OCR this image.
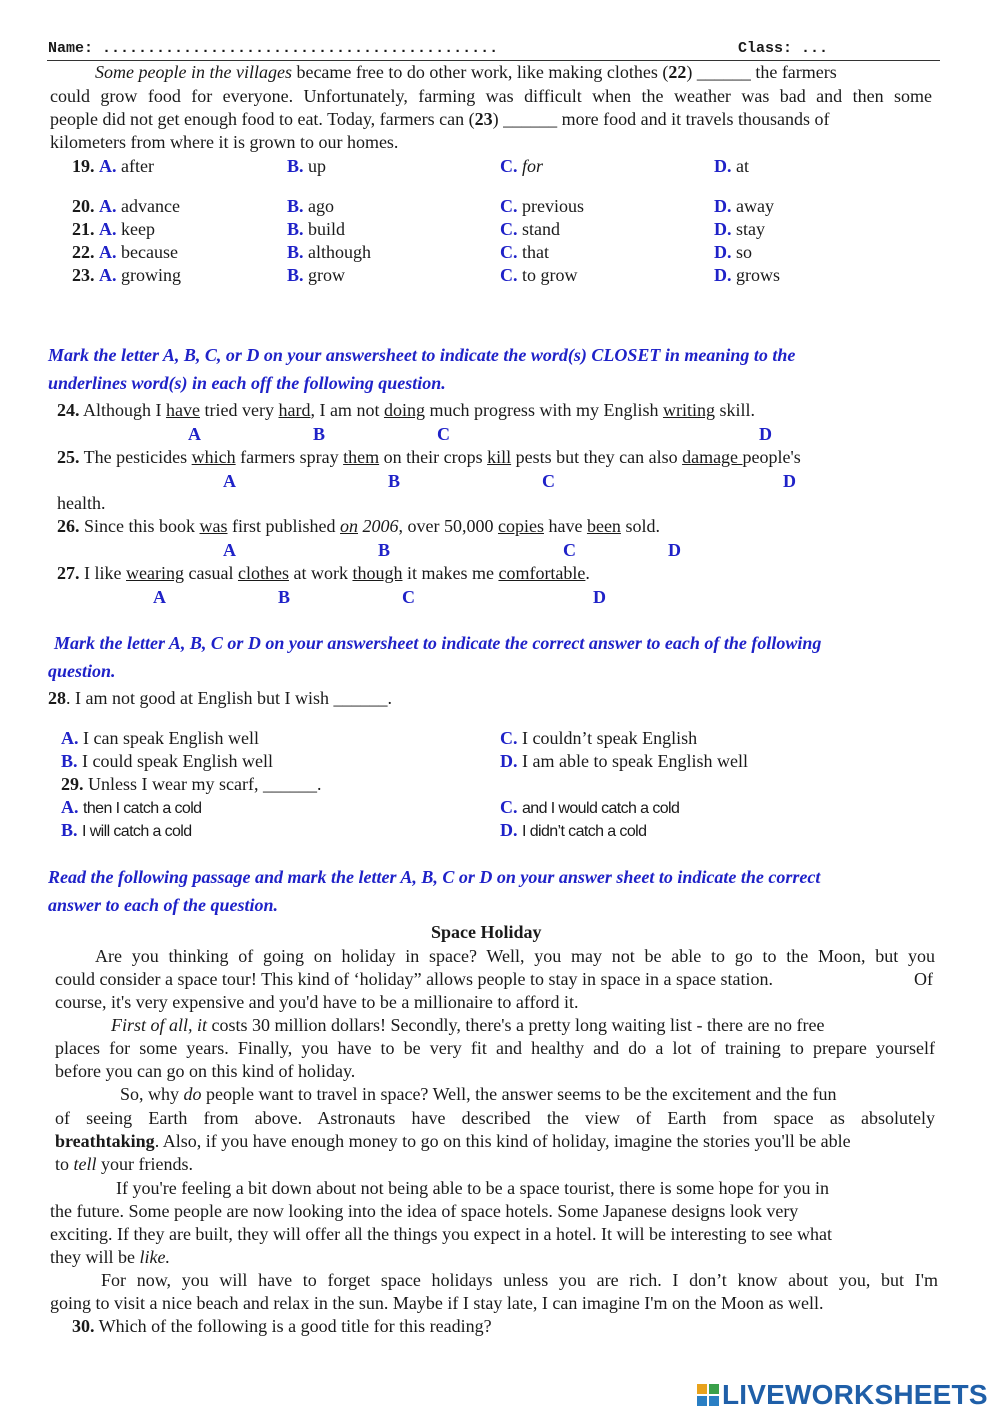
Name: ............................................	Class: ...
Some people in the villages became free to do other work, like making clothes (22) ______ the farmers
could grow food for everyone. Unfortunately, farming was difficult when the weather was bad and then some
people did not get enough food to eat. Today, farmers can (23) ______ more food and it travels thousands of
kilometers from where it is grown to our homes.
19. A. after	B. up	C. for	D. at
20. A. advance	B. ago	C. previous	D. away
21. A. keep	B. build	C. stand	D. stay
22. A. because	B. although	C. that	D. so
23. A. growing	B. grow	C. to grow	D. grows
Mark the letter A, B, C, or D on your answersheet to indicate the word(s) CLOSET in meaning to the
underlines word(s) in each off the following question.
24. Although I have tried very hard, I am not doing much progress with my English writing skill.
A	B	C	D
25. The pesticides which farmers spray them on their crops kill pests but they can also damage people's
A	B	C	D
health.
26. Since this book was first published on 2006, over 50,000 copies have been sold.
A	B	C	D
27. I like wearing casual clothes at work though it makes me comfortable.
A	B	C	D
Mark the letter A, B, C or D on your answersheet to indicate the correct answer to each of the following
question.
28. I am not good at English but I wish ______.
A. I can speak English well	C. I couldn’t speak English
B. I could speak English well	D. I am able to speak English well
29. Unless I wear my scarf, ______.
A. then I catch a cold	C. and I would catch a cold
B. I will catch a cold	D. I didn’t catch a cold
Read the following passage and mark the letter A, B, C or D on your answer sheet to indicate the correct
answer to each of the question.
Space Holiday
Are you thinking of going on holiday in space? Well, you may not be able to go to the Moon, but you
could consider a space tour! This kind of ‘holiday” allows people to stay in space in a space station.	Of
course, it's very expensive and you'd have to be a millionaire to afford it.
First of all, it costs 30 million dollars! Secondly, there's a pretty long waiting list - there are no free
places for some years. Finally, you have to be very fit and healthy and do a lot of training to prepare yourself
before you can go on this kind of holiday.
So, why do people want to travel in space? Well, the answer seems to be the excitement and the fun
of seeing Earth from above. Astronauts have described the view of Earth from space as absolutely
breathtaking. Also, if you have enough money to go on this kind of holiday, imagine the stories you'll be able
to tell your friends.
If you're feeling a bit down about not being able to be a space tourist, there is some hope for you in
the future. Some people are now looking into the idea of space hotels. Some Japanese designs look very
exciting. If they are built, they will offer all the things you expect in a hotel. It will be interesting to see what
they will be like.
For now, you will have to forget space holidays unless you are rich. I don’t know about you, but I'm
going to visit a nice beach and relax in the sun. Maybe if I stay late, I can imagine I'm on the Moon as well.
30. Which of the following is a good title for this reading?
LIVEWORKSHEETS
